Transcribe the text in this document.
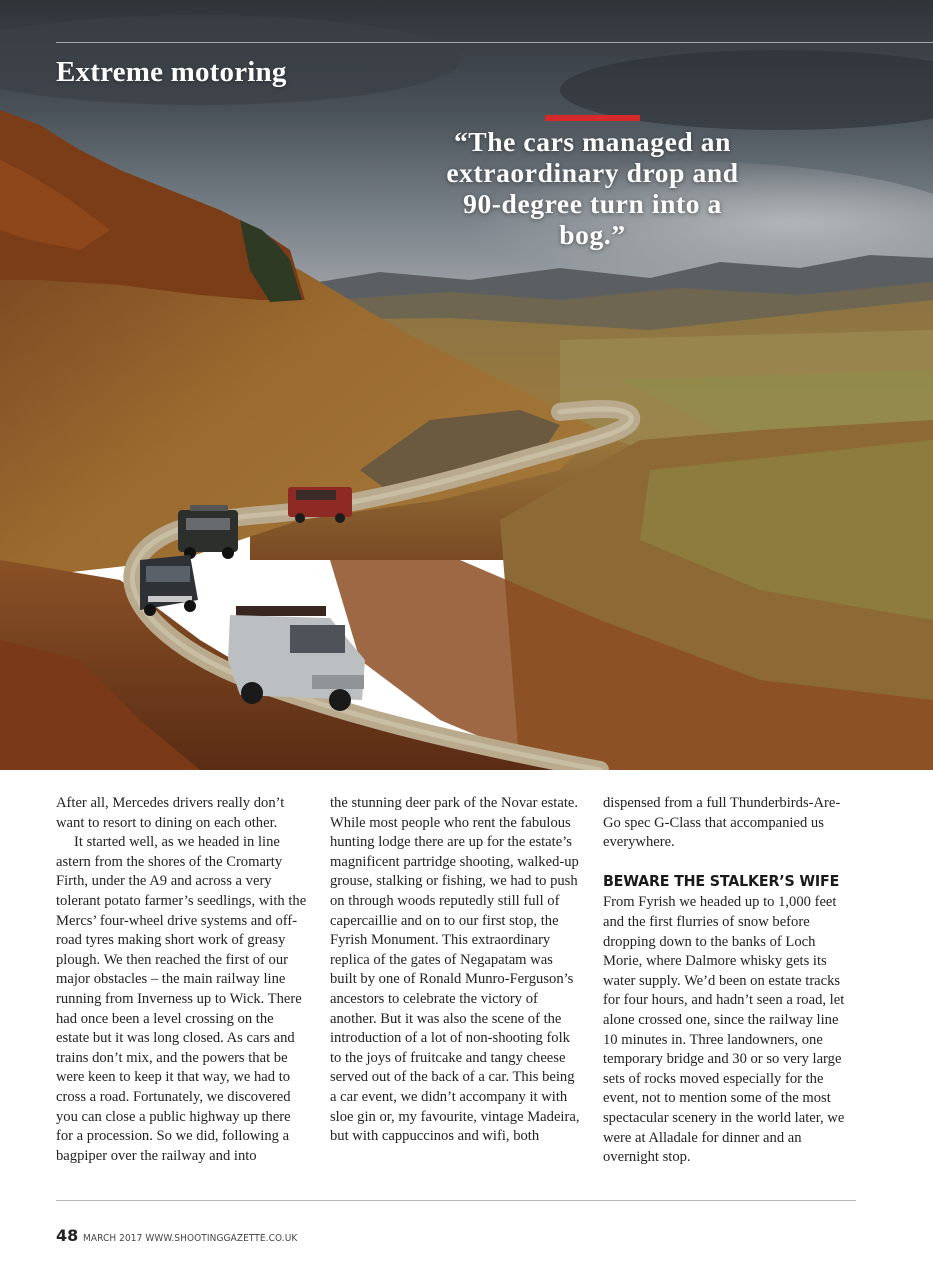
Extreme motoring
“The cars managed an extraordinary drop and 90-degree turn into a bog.”

After all, Mercedes drivers really don’t want to resort to dining on each other.

It started well, as we headed in line astern from the shores of the Cromarty Firth, under the A9 and across a very tolerant potato farmer’s seedlings, with the Mercs’ four-wheel drive systems and off-road tyres making short work of greasy plough. We then reached the first of our major obstacles – the main railway line running from Inverness up to Wick. There had once been a level crossing on the estate but it was long closed. As cars and trains don’t mix, and the powers that be were keen to keep it that way, we had to cross a road. Fortunately, we discovered you can close a public highway up there for a procession. So we did, following a bagpiper over the railway and into

the stunning deer park of the Novar estate. While most people who rent the fabulous hunting lodge there are up for the estate’s magnificent partridge shooting, walked-up grouse, stalking or fishing, we had to push on through woods reputedly still full of capercaillie and on to our first stop, the Fyrish Monument. This extraordinary replica of the gates of Negapatam was built by one of Ronald Munro-Ferguson’s ancestors to celebrate the victory of another. But it was also the scene of the introduction of a lot of non-shooting folk to the joys of fruitcake and tangy cheese served out of the back of a car. This being a car event, we didn’t accompany it with sloe gin or, my favourite, vintage Madeira, but with cappuccinos and wifi, both

dispensed from a full Thunderbirds-Are-Go spec G-Class that accompanied us everywhere.

BEWARE THE STALKER’S WIFE

From Fyrish we headed up to 1,000 feet and the first flurries of snow before dropping down to the banks of Loch Morie, where Dalmore whisky gets its water supply. We’d been on estate tracks for four hours, and hadn’t seen a road, let alone crossed one, since the railway line 10 minutes in. Three landowners, one temporary bridge and 30 or so very large sets of rocks moved especially for the event, not to mention some of the most spectacular scenery in the world later, we were at Alladale for dinner and an overnight stop.

48 MARCH 2017 WWW.SHOOTINGGAZETTE.CO.UK
